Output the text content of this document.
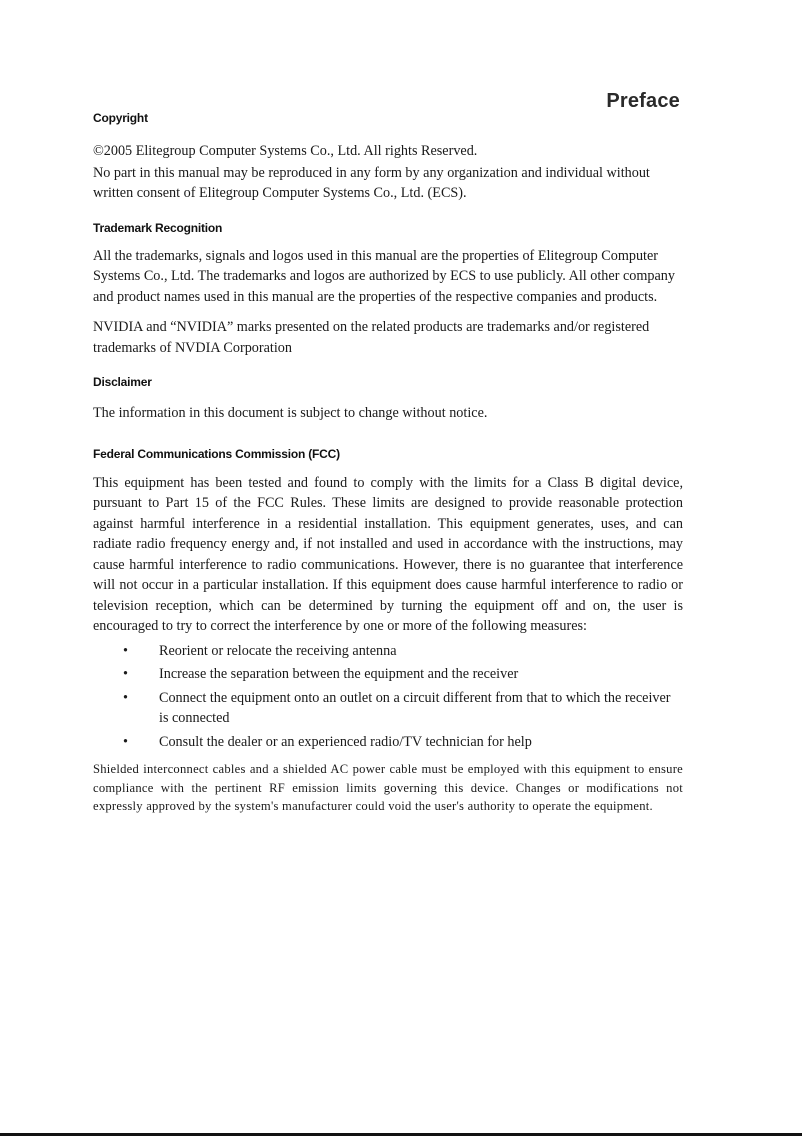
Preface
Copyright

©2005 Elitegroup Computer Systems Co., Ltd. All rights Reserved.

No part in this manual may be reproduced in any form by any organization and individual without written consent of Elitegroup Computer Systems Co., Ltd. (ECS).

Trademark Recognition

All the trademarks, signals and logos used in this manual are the properties of Elitegroup Computer Systems Co., Ltd. The trademarks and logos are authorized by ECS to use publicly. All other company and product names used in this manual are the properties of the respective companies and products.

NVIDIA and “NVIDIA” marks presented on the related products are trademarks and/or registered trademarks of NVDIA Corporation

Disclaimer

The information in this document is subject to change without notice.

Federal Communications Commission (FCC)

This equipment has been tested and found to comply with the limits for a Class B digital device, pursuant to Part 15 of the FCC Rules. These limits are designed to provide reasonable protection against harmful interference in a residential installation. This equipment generates, uses, and can radiate radio frequency energy and, if not installed and used in accordance with the instructions, may cause harmful interference to radio communications. However, there is no guarantee that interference will not occur in a particular installation. If this equipment does cause harmful interference to radio or television reception, which can be determined by turning the equipment off and on, the user is encouraged to try to correct the interference by one or more of the following measures:

• Reorient or relocate the receiving antenna
• Increase the separation between the equipment and the receiver
• Connect the equipment onto an outlet on a circuit different from that to which the receiver is connected
• Consult the dealer or an experienced radio/TV technician for help

Shielded interconnect cables and a shielded AC power cable must be employed with this equipment to ensure compliance with the pertinent RF emission limits governing this device. Changes or modifications not expressly approved by the system's manufacturer could void the user's authority to operate the equipment.
